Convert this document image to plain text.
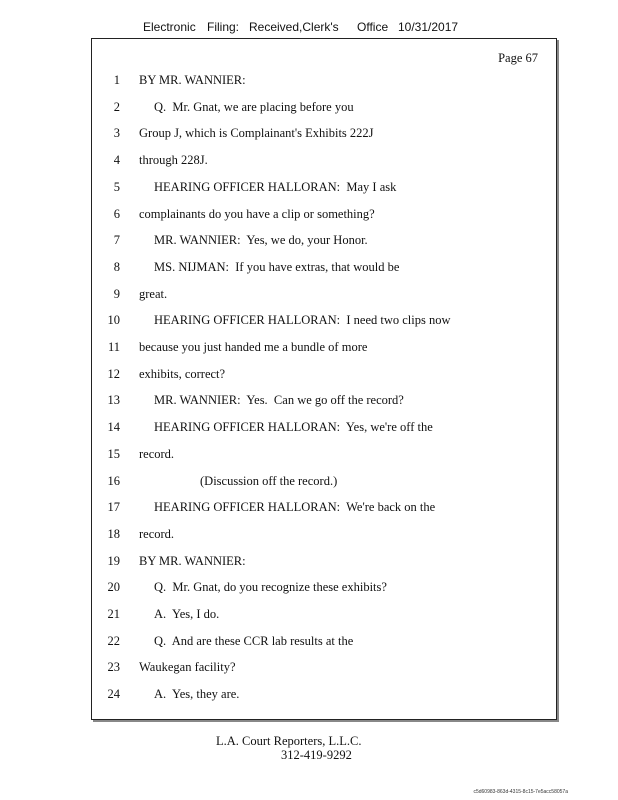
Electronic Filing: Received,Clerk's Office 10/31/2017
Page 67
1 BY MR. WANNIER:
2	Q.  Mr. Gnat, we are placing before you
3 Group J, which is Complainant's Exhibits 222J
4 through 228J.
5	HEARING OFFICER HALLORAN:  May I ask
6 complainants do you have a clip or something?
7	MR. WANNIER:  Yes, we do, your Honor.
8	MS. NIJMAN:  If you have extras, that would be
9 great.
10	HEARING OFFICER HALLORAN:  I need two clips now
11 because you just handed me a bundle of more
12 exhibits, correct?
13	MR. WANNIER:  Yes.  Can we go off the record?
14	HEARING OFFICER HALLORAN:  Yes, we're off the
15 record.
16	(Discussion off the record.)
17	HEARING OFFICER HALLORAN:  We're back on the
18 record.
19 BY MR. WANNIER:
20	Q.  Mr. Gnat, do you recognize these exhibits?
21	A.  Yes, I do.
22	Q.  And are these CCR lab results at the
23 Waukegan facility?
24	A.  Yes, they are.
L.A. Court Reporters, L.L.C.
312-419-9292
c5d60983-863d-4315-8c15-7e5acc58057a
